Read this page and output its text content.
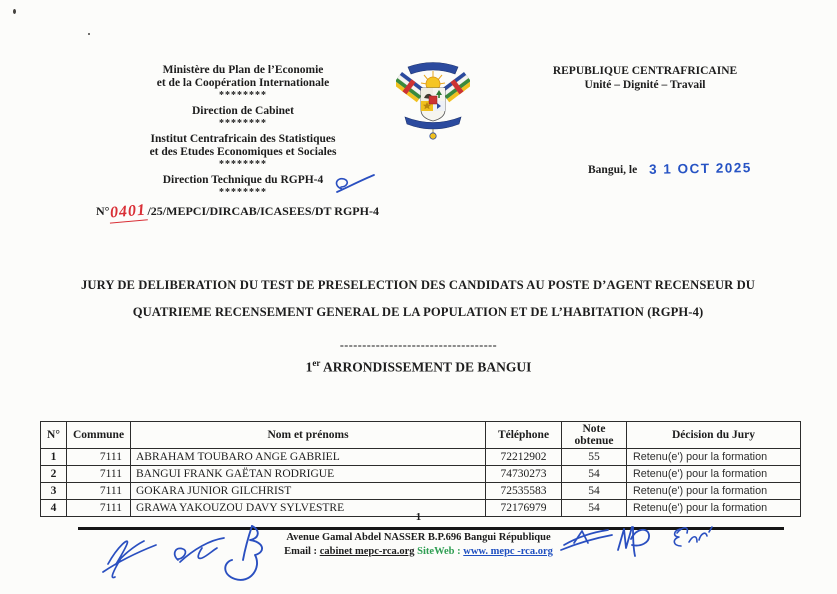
Ministère du Plan de l’Economie
et de la Coopération Internationale
********
Direction de Cabinet
********
Institut Centrafricain des Statistiques
et des Etudes Economiques et Sociales
********
Direction Technique du RGPH-4
********
N°0401/25/MEPCI/DIRCAB/ICASEES/DT RGPH-4
REPUBLIQUE CENTRAFRICAINE
Unité – Dignité – Travail
Bangui, le 3 1 OCT 2025
JURY DE DELIBERATION DU TEST DE PRESELECTION DES CANDIDATS AU POSTE D’AGENT RECENSEUR DU
QUATRIEME RECENSEMENT GENERAL DE LA POPULATION ET DE L’HABITATION (RGPH-4)
-----------------------------------
1er ARRONDISSEMENT DE BANGUI
N°	Commune	Nom et prénoms	Téléphone	Note obtenue	Décision du Jury
1	7111	ABRAHAM TOUBARO ANGE GABRIEL	72212902	55	Retenu(e') pour la formation
2	7111	BANGUI FRANK GAËTAN RODRIGUE	74730273	54	Retenu(e') pour la formation
3	7111	GOKARA JUNIOR GILCHRIST	72535583	54	Retenu(e') pour la formation
4	7111	GRAWA YAKOUZOU DAVY SYLVESTRE	72176979	54	Retenu(e') pour la formation
1
Avenue Gamal Abdel NASSER B.P.696 Bangui République
Email : cabinet mepc-rca.org SiteWeb : www. mepc -rca.org
